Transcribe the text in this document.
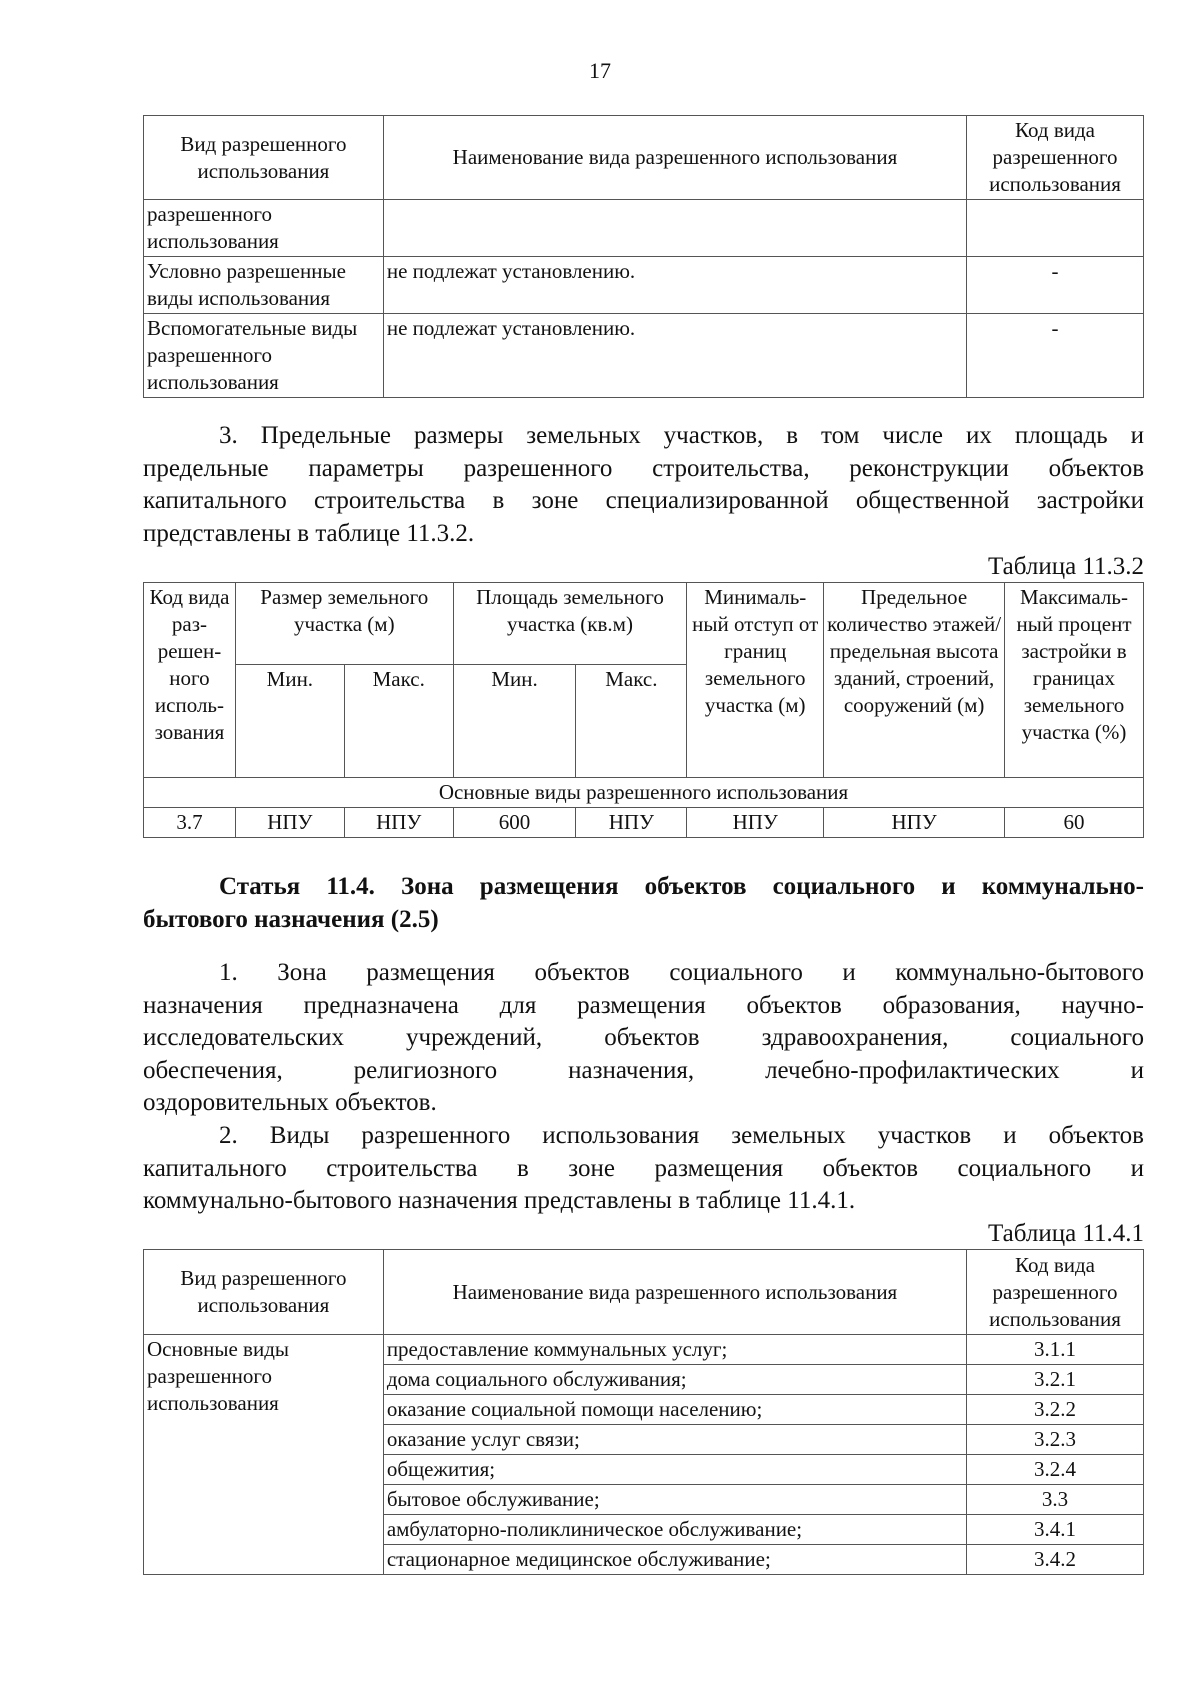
17
Вид разрешенного использования	Наименование вида разрешенного использования	Код вида разрешенного использования
разрешенного использования		
Условно разрешенные виды использования	не подлежат установлению.	-
Вспомогательные виды разрешенного использования	не подлежат установлению.	-
3. Предельные размеры земельных участков, в том числе их площадь и
предельные параметры разрешенного строительства, реконструкции объектов
капитального строительства в зоне специализированной общественной застройки
представлены в таблице 11.3.2.
Таблица 11.3.2
Код вида раз-решен-ного исполь-зования	Размер земельного участка (м)		Площадь земельного участка (кв.м)		Минималь-ный отступ от границ земельного участка (м)	Предельное количество этажей/ предельная высота зданий, строений, сооружений (м)	Максималь-ный процент застройки в границах земельного участка (%)
	Мин.	Макс.	Мин.	Макс.			
Основные виды разрешенного использования							
3.7	НПУ	НПУ	600	НПУ	НПУ	НПУ	60
Статья 11.4. Зона размещения объектов социального и коммунально-
бытового назначения (2.5)
1. Зона размещения объектов социального и коммунально-бытового
назначения предназначена для размещения объектов образования, научно-
исследовательских учреждений, объектов здравоохранения, социального
обеспечения, религиозного назначения, лечебно-профилактических и
оздоровительных объектов.
2. Виды разрешенного использования земельных участков и объектов
капитального строительства в зоне размещения объектов социального и
коммунально-бытового назначения представлены в таблице 11.4.1.
Таблица 11.4.1
Вид разрешенного использования	Наименование вида разрешенного использования	Код вида разрешенного использования
Основные виды разрешенного использования	предоставление коммунальных услуг;	3.1.1
	дома социального обслуживания;	3.2.1
	оказание социальной помощи населению;	3.2.2
	оказание услуг связи;	3.2.3
	общежития;	3.2.4
	бытовое обслуживание;	3.3
	амбулаторно-поликлиническое обслуживание;	3.4.1
	стационарное медицинское обслуживание;	3.4.2
